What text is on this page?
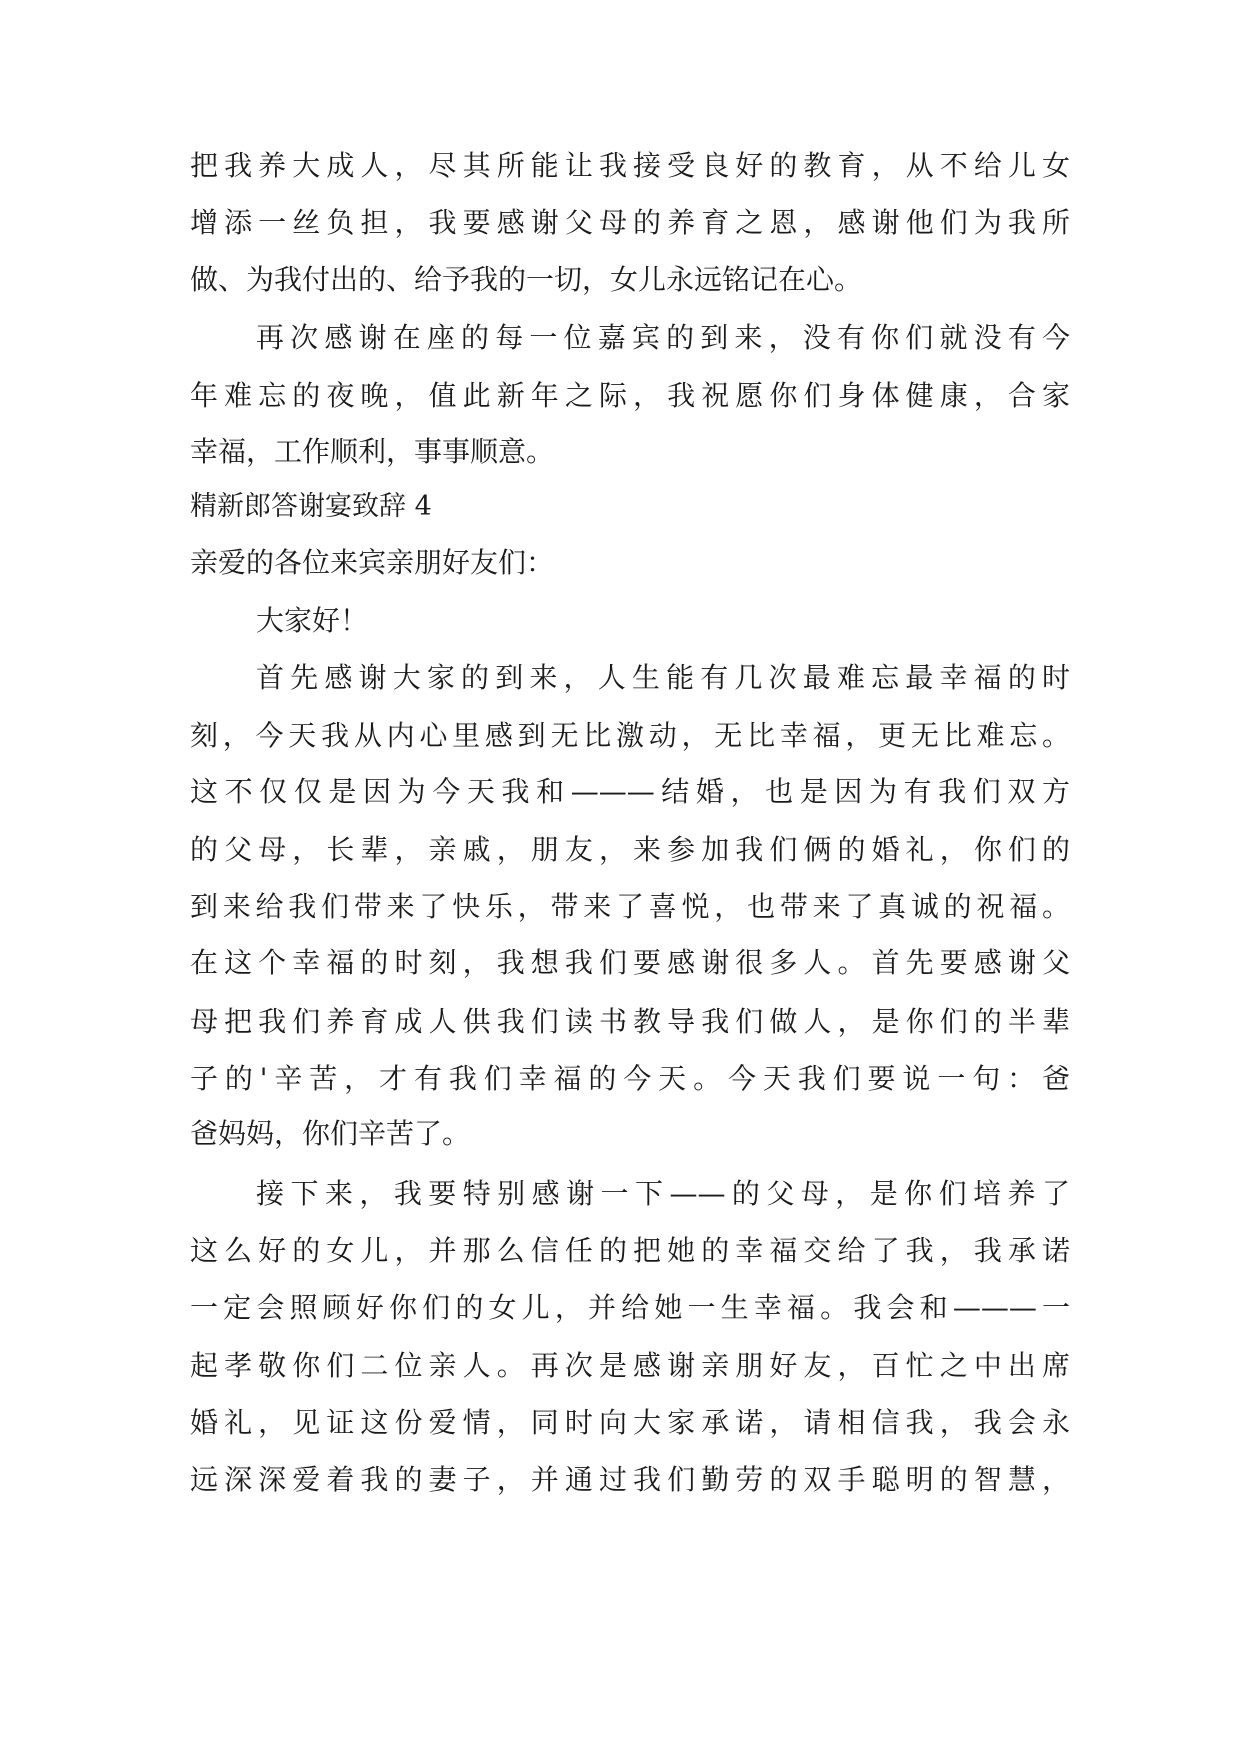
把我养大成人，尽其所能让我接受良好的教育，从不给儿女
增添一丝负担，我要感谢父母的养育之恩，感谢他们为我所
做、为我付出的、给予我的一切，女儿永远铭记在心。
再次感谢在座的每一位嘉宾的到来，没有你们就没有今
年难忘的夜晚，值此新年之际，我祝愿你们身体健康，合家
幸福，工作顺利，事事顺意。
精新郎答谢宴致辞 4
亲爱的各位来宾亲朋好友们：
大家好！
首先感谢大家的到来，人生能有几次最难忘最幸福的时
刻，今天我从内心里感到无比激动，无比幸福，更无比难忘。
这不仅仅是因为今天我和———结婚，也是因为有我们双方
的父母，长辈，亲戚，朋友，来参加我们俩的婚礼，你们的
到来给我们带来了快乐，带来了喜悦，也带来了真诚的祝福。
在这个幸福的时刻，我想我们要感谢很多人。首先要感谢父
母把我们养育成人供我们读书教导我们做人，是你们的半辈
子的'辛苦，才有我们幸福的今天。今天我们要说一句：爸
爸妈妈，你们辛苦了。
接下来，我要特别感谢一下——的父母，是你们培养了
这么好的女儿，并那么信任的把她的幸福交给了我，我承诺
一定会照顾好你们的女儿，并给她一生幸福。我会和———一
起孝敬你们二位亲人。再次是感谢亲朋好友，百忙之中出席
婚礼，见证这份爱情，同时向大家承诺，请相信我，我会永
远深深爱着我的妻子，并通过我们勤劳的双手聪明的智慧，
